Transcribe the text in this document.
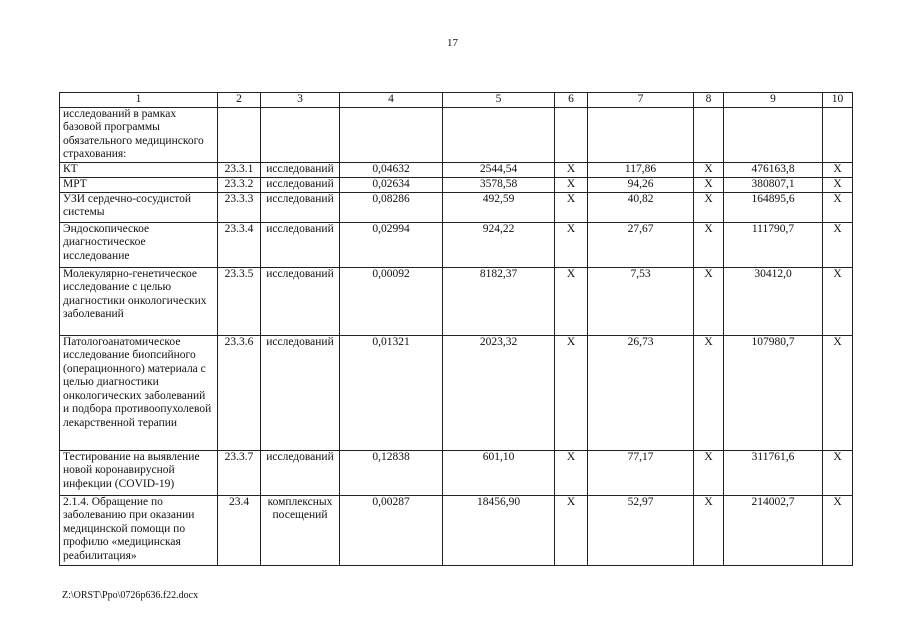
17
1	2	3	4	5	6	7	8	9	10
исследований в рамках базовой программы обязательного медицинского страхования:									
КТ	23.3.1	исследований	0,04632	2544,54	Х	117,86	Х	476163,8	Х
МРТ	23.3.2	исследований	0,02634	3578,58	Х	94,26	Х	380807,1	Х
УЗИ сердечно-сосудистой системы	23.3.3	исследований	0,08286	492,59	Х	40,82	Х	164895,6	Х
Эндоскопическое диагностическое исследование	23.3.4	исследований	0,02994	924,22	Х	27,67	Х	111790,7	Х
Молекулярно-генетическое исследование с целью диагностики онкологических заболеваний	23.3.5	исследований	0,00092	8182,37	Х	7,53	Х	30412,0	Х
Патологоанатомическое исследование биопсийного (операционного) материала с целью диагностики онкологических заболеваний и подбора противоопухолевой лекарственной терапии	23.3.6	исследований	0,01321	2023,32	Х	26,73	Х	107980,7	Х
Тестирование на выявление новой коронавирусной инфекции (COVID-19)	23.3.7	исследований	0,12838	601,10	Х	77,17	Х	311761,6	Х
2.1.4. Обращение по заболеванию при оказании медицинской помощи по профилю «медицинская реабилитация»	23.4	комплексных посещений	0,00287	18456,90	Х	52,97	Х	214002,7	Х
Z:\ORST\Ppo\0726p636.f22.docx
